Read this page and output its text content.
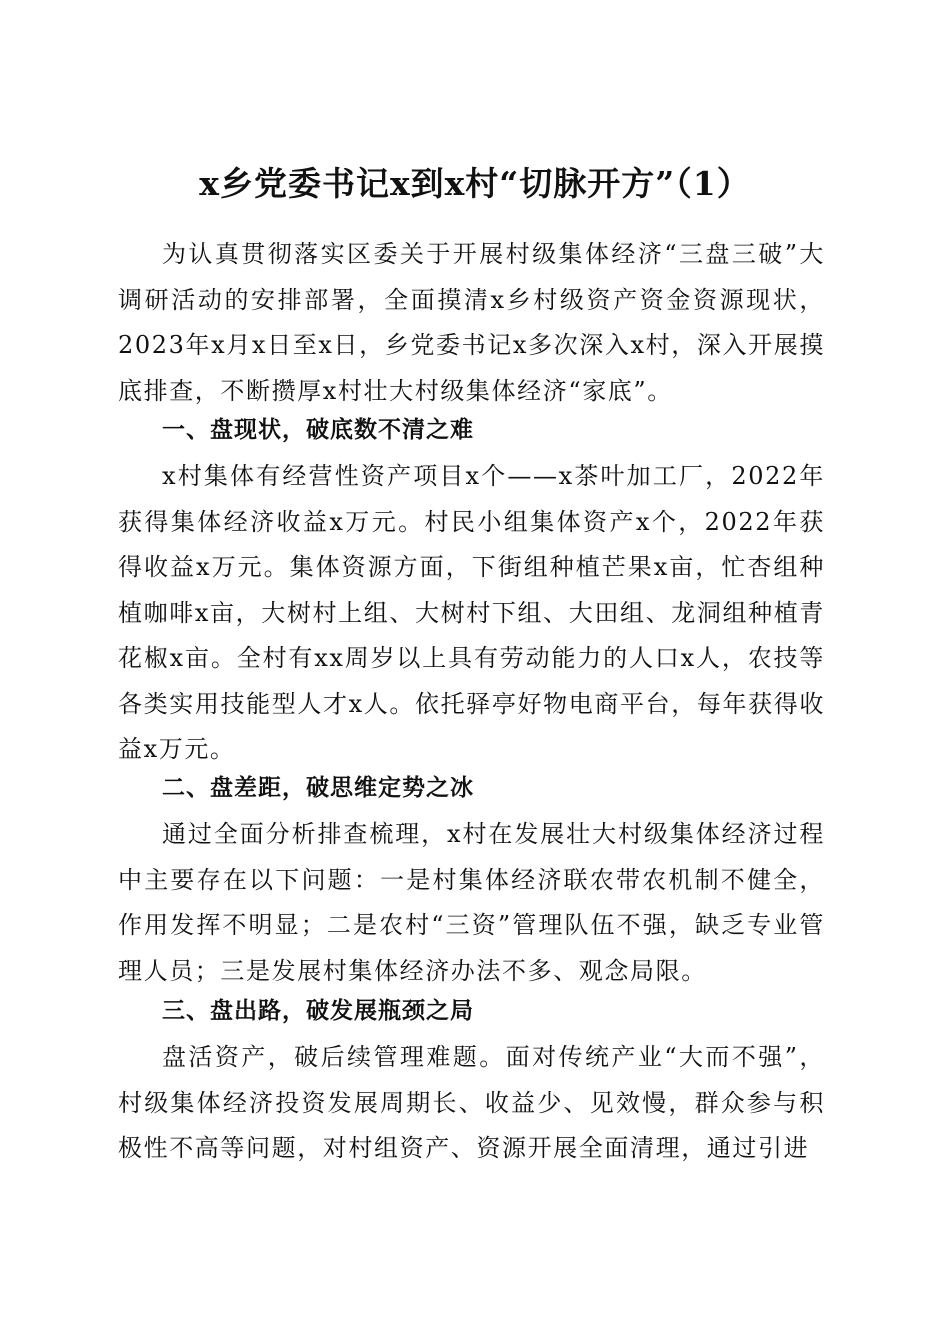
x乡党委书记x到x村“切脉开方”（1）

为认真贯彻落实区委关于开展村级集体经济“三盘三破”大调研活动的安排部署，全面摸清x乡村级资产资金资源现状，2023年x月x日至x日，乡党委书记x多次深入x村，深入开展摸底排查，不断攒厚x村壮大村级集体经济“家底”。

一、盘现状，破底数不清之难

x村集体有经营性资产项目x个——x茶叶加工厂，2022年获得集体经济收益x万元。村民小组集体资产x个，2022年获得收益x万元。集体资源方面，下街组种植芒果x亩，忙杏组种植咖啡x亩，大树村上组、大树村下组、大田组、龙洞组种植青花椒x亩。全村有xx周岁以上具有劳动能力的人口x人，农技等各类实用技能型人才x人。依托驿亭好物电商平台，每年获得收益x万元。

二、盘差距，破思维定势之冰

通过全面分析排查梳理，x村在发展壮大村级集体经济过程中主要存在以下问题：一是村集体经济联农带农机制不健全，作用发挥不明显；二是农村“三资”管理队伍不强，缺乏专业管理人员；三是发展村集体经济办法不多、观念局限。

三、盘出路，破发展瓶颈之局

盘活资产，破后续管理难题。面对传统产业“大而不强”，村级集体经济投资发展周期长、收益少、见效慢，群众参与积极性不高等问题，对村组资产、资源开展全面清理，通过引进
